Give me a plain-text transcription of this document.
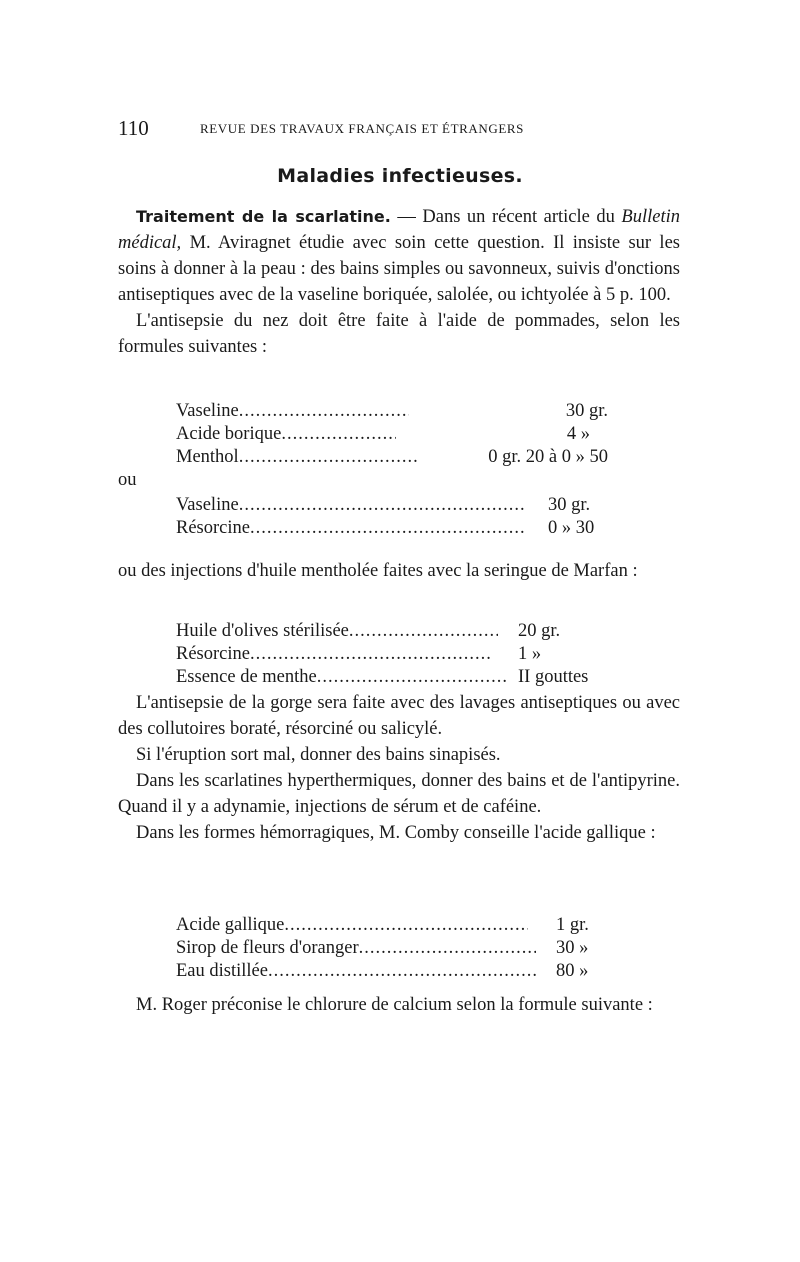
110	REVUE DES TRAVAUX FRANÇAIS ET ÉTRANGERS
Maladies infectieuses.

Traitement de la scarlatine. — Dans un récent article du Bulletin médical, M. Aviragnet étudie avec soin cette question. Il insiste sur les soins à donner à la peau : des bains simples ou savonneux, suivis d'onctions antiseptiques avec de la vaseline boriquée, salolée, ou ichtyolée à 5 p. 100.

L'antisepsie du nez doit être faite à l'aide de pommades, selon les formules suivantes :

Vaseline .....	30 gr.
Acide borique .....	4 »
Menthol .....	0 gr. 20 à 0 » 50
ou
Vaseline .....	30 gr.
Résorcine .....	0 » 30

ou des injections d'huile mentholée faites avec la seringue de Marfan :

Huile d'olives stérilisée .....	20 gr.
Résorcine .....	1 »
Essence de menthe .....	II gouttes

L'antisepsie de la gorge sera faite avec des lavages antiseptiques ou avec des collutoires boraté, résorciné ou salicylé.

Si l'éruption sort mal, donner des bains sinapisés.

Dans les scarlatines hyperthermiques, donner des bains et de l'antipyrine. Quand il y a adynamie, injections de sérum et de caféine.

Dans les formes hémorragiques, M. Comby conseille l'acide gallique :

Acide gallique .....	1 gr.
Sirop de fleurs d'oranger .....	30 »
Eau distillée .....	80 »

M. Roger préconise le chlorure de calcium selon la formule suivante :
